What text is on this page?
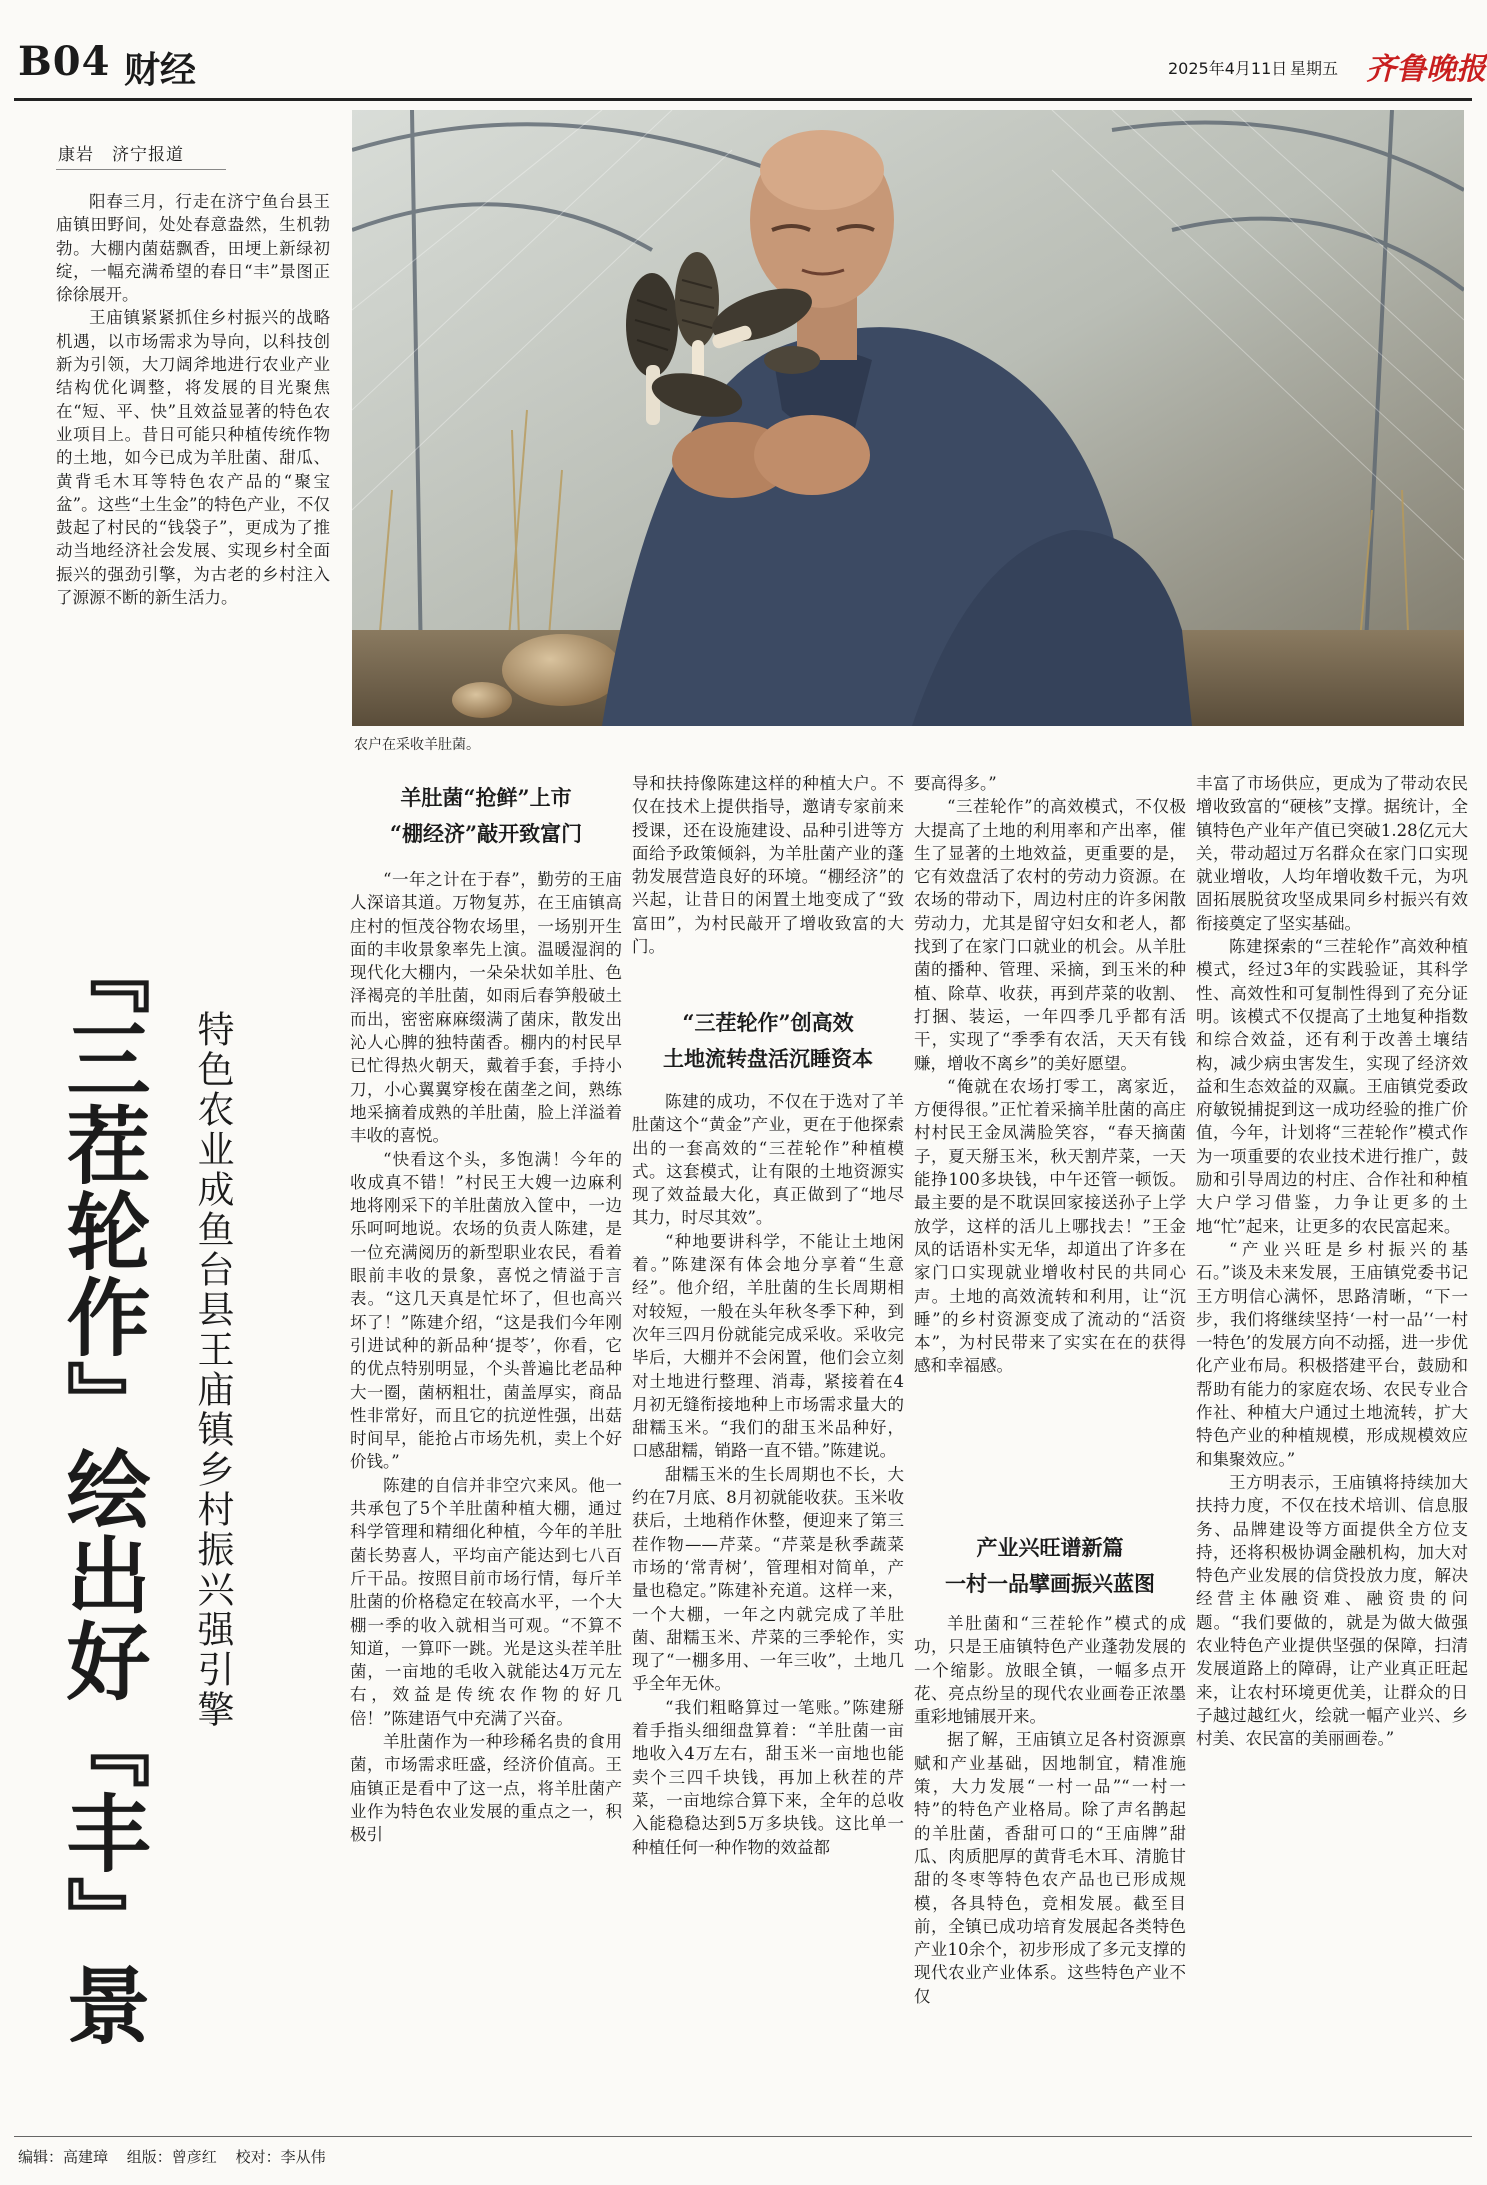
B04 财经	2025年4月11日 星期五 齐鲁晚报
康岩　济宁报道

阳春三月，行走在济宁鱼台县王庙镇田野间，处处春意盎然，生机勃勃。大棚内菌菇飘香，田埂上新绿初绽，一幅充满希望的春日“丰”景图正徐徐展开。

王庙镇紧紧抓住乡村振兴的战略机遇，以市场需求为导向，以科技创新为引领，大刀阔斧地进行农业产业结构优化调整，将发展的目光聚焦在“短、平、快”且效益显著的特色农业项目上。昔日可能只种植传统作物的土地，如今已成为羊肚菌、甜瓜、黄背毛木耳等特色农产品的“聚宝盆”。这些“土生金”的特色产业，不仅鼓起了村民的“钱袋子”，更成为了推动当地经济社会发展、实现乡村全面振兴的强劲引擎，为古老的乡村注入了源源不断的新生活力。

农户在采收羊肚菌。
『三茬轮作』绘出好『丰』景 特色农业成鱼台县王庙镇乡村振兴强引擎
羊肚菌“抢鲜”上市
“棚经济”敲开致富门

“一年之计在于春”，勤劳的王庙人深谙其道。万物复苏，在王庙镇高庄村的恒茂谷物农场里，一场别开生面的丰收景象率先上演。温暖湿润的现代化大棚内，一朵朵状如羊肚、色泽褐亮的羊肚菌，如雨后春笋般破土而出，密密麻麻缀满了菌床，散发出沁人心脾的独特菌香。棚内的村民早已忙得热火朝天，戴着手套，手持小刀，小心翼翼穿梭在菌垄之间，熟练地采摘着成熟的羊肚菌，脸上洋溢着丰收的喜悦。

“快看这个头，多饱满！今年的收成真不错！”村民王大嫂一边麻利地将刚采下的羊肚菌放入筐中，一边乐呵呵地说。农场的负责人陈建，是一位充满阅历的新型职业农民，看着眼前丰收的景象，喜悦之情溢于言表。“这几天真是忙坏了，但也高兴坏了！”陈建介绍，“这是我们今年刚引进试种的新品种‘提苓’，你看，它的优点特别明显，个头普遍比老品种大一圈，菌柄粗壮，菌盖厚实，商品性非常好，而且它的抗逆性强，出菇时间早，能抢占市场先机，卖上个好价钱。”

陈建的自信并非空穴来风。他一共承包了5个羊肚菌种植大棚，通过科学管理和精细化种植，今年的羊肚菌长势喜人，平均亩产能达到七八百斤干品。按照目前市场行情，每斤羊肚菌的价格稳定在较高水平，一个大棚一季的收入就相当可观。“不算不知道，一算吓一跳。光是这头茬羊肚菌，一亩地的毛收入就能达4万元左右，效益是传统农作物的好几倍！”陈建语气中充满了兴奋。

羊肚菌作为一种珍稀名贵的食用菌，市场需求旺盛，经济价值高。王庙镇正是看中了这一点，将羊肚菌产业作为特色农业发展的重点之一，积极引

导和扶持像陈建这样的种植大户。不仅在技术上提供指导，邀请专家前来授课，还在设施建设、品种引进等方面给予政策倾斜，为羊肚菌产业的蓬勃发展营造良好的环境。“棚经济”的兴起，让昔日的闲置土地变成了“致富田”，为村民敲开了增收致富的大门。

“三茬轮作”创高效
土地流转盘活沉睡资本

陈建的成功，不仅在于选对了羊肚菌这个“黄金”产业，更在于他探索出的一套高效的“三茬轮作”种植模式。这套模式，让有限的土地资源实现了效益最大化，真正做到了“地尽其力，时尽其效”。

“种地要讲科学，不能让土地闲着。”陈建深有体会地分享着“生意经”。他介绍，羊肚菌的生长周期相对较短，一般在头年秋冬季下种，到次年三四月份就能完成采收。采收完毕后，大棚并不会闲置，他们会立刻对土地进行整理、消毒，紧接着在4月初无缝衔接地种上市场需求量大的甜糯玉米。“我们的甜玉米品种好，口感甜糯，销路一直不错。”陈建说。

甜糯玉米的生长周期也不长，大约在7月底、8月初就能收获。玉米收获后，土地稍作休整，便迎来了第三茬作物——芹菜。“芹菜是秋季蔬菜市场的‘常青树’，管理相对简单，产量也稳定。”陈建补充道。这样一来，一个大棚，一年之内就完成了羊肚菌、甜糯玉米、芹菜的三季轮作，实现了“一棚多用、一年三收”，土地几乎全年无休。

“我们粗略算过一笔账。”陈建掰着手指头细细盘算着：“羊肚菌一亩地收入4万左右，甜玉米一亩地也能卖个三四千块钱，再加上秋茬的芹菜，一亩地综合算下来，全年的总收入能稳稳达到5万多块钱。这比单一种植任何一种作物的效益都

要高得多。”

“三茬轮作”的高效模式，不仅极大提高了土地的利用率和产出率，催生了显著的土地效益，更重要的是，它有效盘活了农村的劳动力资源。在农场的带动下，周边村庄的许多闲散劳动力，尤其是留守妇女和老人，都找到了在家门口就业的机会。从羊肚菌的播种、管理、采摘，到玉米的种植、除草、收获，再到芹菜的收割、打捆、装运，一年四季几乎都有活干，实现了“季季有农活，天天有钱赚，增收不离乡”的美好愿望。

“俺就在农场打零工，离家近，方便得很。”正忙着采摘羊肚菌的高庄村村民王金凤满脸笑容，“春天摘菌子，夏天掰玉米，秋天割芹菜，一天能挣100多块钱，中午还管一顿饭。最主要的是不耽误回家接送孙子上学放学，这样的活儿上哪找去！”王金凤的话语朴实无华，却道出了许多在家门口实现就业增收村民的共同心声。土地的高效流转和利用，让“沉睡”的乡村资源变成了流动的“活资本”，为村民带来了实实在在的获得感和幸福感。

产业兴旺谱新篇
一村一品擘画振兴蓝图

羊肚菌和“三茬轮作”模式的成功，只是王庙镇特色产业蓬勃发展的一个缩影。放眼全镇，一幅多点开花、亮点纷呈的现代农业画卷正浓墨重彩地铺展开来。

据了解，王庙镇立足各村资源禀赋和产业基础，因地制宜，精准施策，大力发展“一村一品”“一村一特”的特色产业格局。除了声名鹊起的羊肚菌，香甜可口的“王庙牌”甜瓜、肉质肥厚的黄背毛木耳、清脆甘甜的冬枣等特色农产品也已形成规模，各具特色，竞相发展。截至目前，全镇已成功培育发展起各类特色产业10余个，初步形成了多元支撑的现代农业产业体系。这些特色产业不仅

丰富了市场供应，更成为了带动农民增收致富的“硬核”支撑。据统计，全镇特色产业年产值已突破1.28亿元大关，带动超过万名群众在家门口实现就业增收，人均年增收数千元，为巩固拓展脱贫攻坚成果同乡村振兴有效衔接奠定了坚实基础。

陈建探索的“三茬轮作”高效种植模式，经过3年的实践验证，其科学性、高效性和可复制性得到了充分证明。该模式不仅提高了土地复种指数和综合效益，还有利于改善土壤结构，减少病虫害发生，实现了经济效益和生态效益的双赢。王庙镇党委政府敏锐捕捉到这一成功经验的推广价值，今年，计划将“三茬轮作”模式作为一项重要的农业技术进行推广，鼓励和引导周边的村庄、合作社和种植大户学习借鉴，力争让更多的土地“忙”起来，让更多的农民富起来。

“产业兴旺是乡村振兴的基石。”谈及未来发展，王庙镇党委书记王方明信心满怀，思路清晰，“下一步，我们将继续坚持‘一村一品’‘一村一特色’的发展方向不动摇，进一步优化产业布局。积极搭建平台，鼓励和帮助有能力的家庭农场、农民专业合作社、种植大户通过土地流转，扩大特色产业的种植规模，形成规模效应和集聚效应。”

王方明表示，王庙镇将持续加大扶持力度，不仅在技术培训、信息服务、品牌建设等方面提供全方位支持，还将积极协调金融机构，加大对特色产业发展的信贷投放力度，解决经营主体融资难、融资贵的问题。“我们要做的，就是为做大做强农业特色产业提供坚强的保障，扫清发展道路上的障碍，让产业真正旺起来，让农村环境更优美，让群众的日子越过越红火，绘就一幅产业兴、乡村美、农民富的美丽画卷。”

编辑：高建璋 组版：曾彦红 校对：李从伟
